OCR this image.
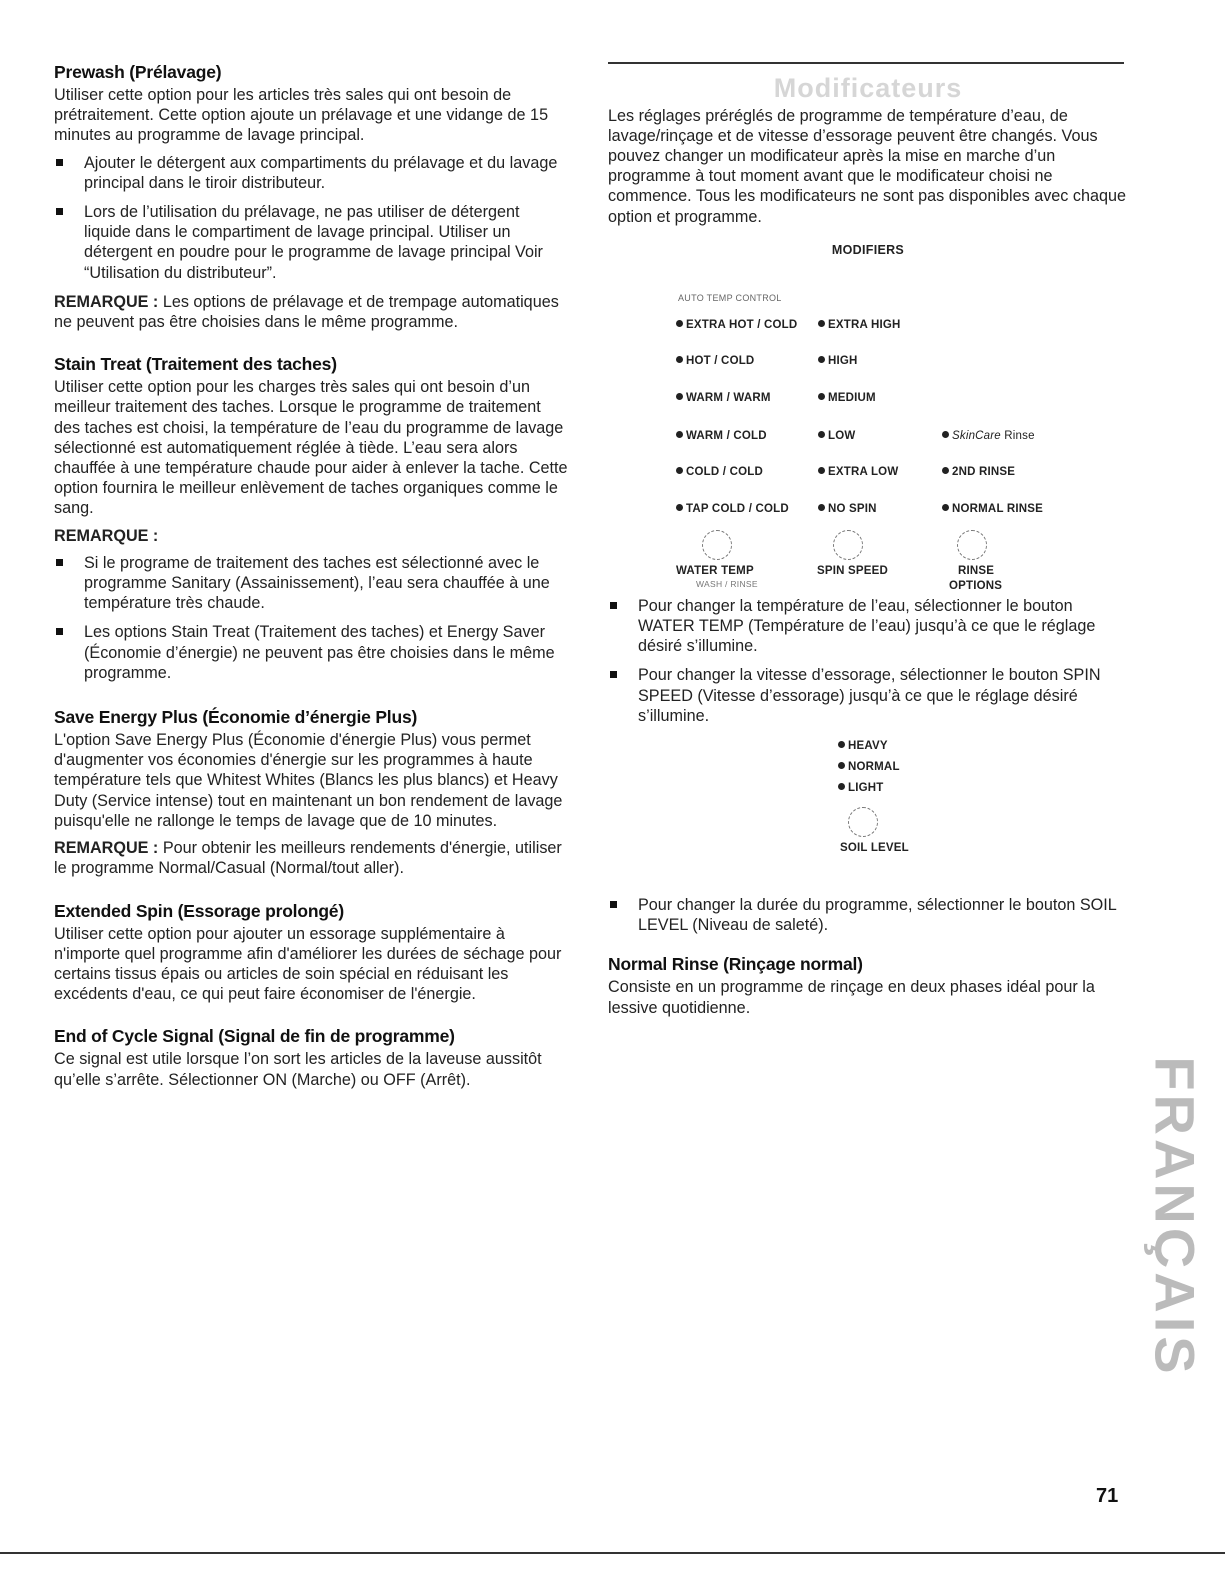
Prewash (Prélavage)

Utiliser cette option pour les articles très sales qui ont besoin de prétraitement. Cette option ajoute un prélavage et une vidange de 15 minutes au programme de lavage principal.

Ajouter le détergent aux compartiments du prélavage et du lavage principal dans le tiroir distributeur.
Lors de l’utilisation du prélavage, ne pas utiliser de détergent liquide dans le compartiment de lavage principal. Utiliser un détergent en poudre pour le programme de lavage principal Voir “Utilisation du distributeur”.

REMARQUE : Les options de prélavage et de trempage automatiques ne peuvent pas être choisies dans le même programme.

Stain Treat (Traitement des taches)

Utiliser cette option pour les charges très sales qui ont besoin d’un meilleur traitement des taches. Lorsque le programme de traitement des taches est choisi, la température de l’eau du programme de lavage sélectionné est automatiquement réglée à tiède. L’eau sera alors chauffée à une température chaude pour aider à enlever la tache. Cette option fournira le meilleur enlèvement de taches organiques comme le sang.

REMARQUE :

Si le programe de traitement des taches est sélectionné avec le programme Sanitary (Assainissement), l’eau sera chauffée à une température très chaude.
Les options Stain Treat (Traitement des taches) et Energy Saver (Économie d’énergie) ne peuvent pas être choisies dans le même programme.
Save Energy Plus (Économie d’énergie Plus)

L'option Save Energy Plus (Économie d'énergie Plus) vous permet d'augmenter vos économies d'énergie sur les programmes à haute température tels que Whitest Whites (Blancs les plus blancs) et Heavy Duty (Service intense) tout en maintenant un bon rendement de lavage puisqu'elle ne rallonge le temps de lavage que de 10 minutes.

REMARQUE : Pour obtenir les meilleurs rendements d'énergie, utiliser le programme Normal/Casual (Normal/tout aller).

Extended Spin (Essorage prolongé)

Utiliser cette option pour ajouter un essorage supplémentaire à n'importe quel programme afin d'améliorer les durées de séchage pour certains tissus épais ou articles de soin spécial en réduisant les excédents d'eau, ce qui peut faire économiser de l'énergie.

End of Cycle Signal (Signal de fin de programme)

Ce signal est utile lorsque l’on sort les articles de la laveuse aussitôt qu’elle s’arrête. Sélectionner ON (Marche) ou OFF (Arrêt).

Modificateurs

Les réglages préréglés de programme de température d’eau, de lavage/rinçage et de vitesse d’essorage peuvent être changés. Vous pouvez changer un modificateur après la mise en marche d’un programme à tout moment avant que le modificateur choisi ne commence. Tous les modificateurs ne sont pas disponibles avec chaque option et programme.

MODIFIERS
AUTO TEMP CONTROL
EXTRA HOT / COLD
HOT / COLD
WARM / WARM
WARM / COLD
COLD / COLD
TAP COLD / COLD
EXTRA HIGH
HIGH
MEDIUM
LOW
EXTRA LOW
NO SPIN
SkinCare Rinse
2ND RINSE
NORMAL RINSE
WATER TEMP
WASH / RINSE
SPIN SPEED	RINSE
OPTIONS
Pour changer la température de l’eau, sélectionner le bouton WATER TEMP (Température de l’eau) jusqu’à ce que le réglage désiré s’illumine.
Pour changer la vitesse d’essorage, sélectionner le bouton SPIN SPEED (Vitesse d’essorage) jusqu’à ce que le réglage désiré s’illumine.
HEAVY
NORMAL
LIGHT
SOIL LEVEL
Pour changer la durée du programme, sélectionner le bouton SOIL LEVEL (Niveau de saleté).
Normal Rinse (Rinçage normal)

Consiste en un programme de rinçage en deux phases idéal pour la lessive quotidienne.

FRANÇAIS
71
